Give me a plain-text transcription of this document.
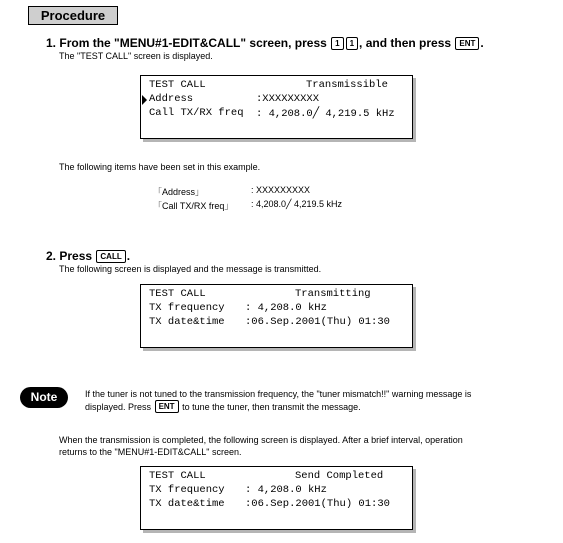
Procedure
1. From the "MENU#1-EDIT&CALL" screen, press 1 1 , and then press ENT .
The "TEST CALL" screen is displayed.
TEST CALL	Transmissible
Address	:XXXXXXXXX
Call TX/RX freq : 4,208.0╱ 4,219.5 kHz
The following items have been set in this example.
「Address」	: XXXXXXXXX
「Call TX/RX freq」 : 4,208.0╱ 4,219.5 kHz
2. Press CALL .
The following screen is displayed and the message is transmitted.
TEST CALL	Transmitting
TX frequency : 4,208.0 kHz
TX date&time :06.Sep.2001(Thu) 01:30
Note	If the tuner is not tuned to the transmission frequency, the "tuner mismatch!!" warning message is
displayed. Press ENT to tune the tuner, then transmit the message.
When the transmission is completed, the following screen is displayed. After a brief interval, operation
returns to the "MENU#1-EDIT&CALL" screen.
TEST CALL	Send Completed
TX frequency : 4,208.0 kHz
TX date&time :06.Sep.2001(Thu) 01:30
